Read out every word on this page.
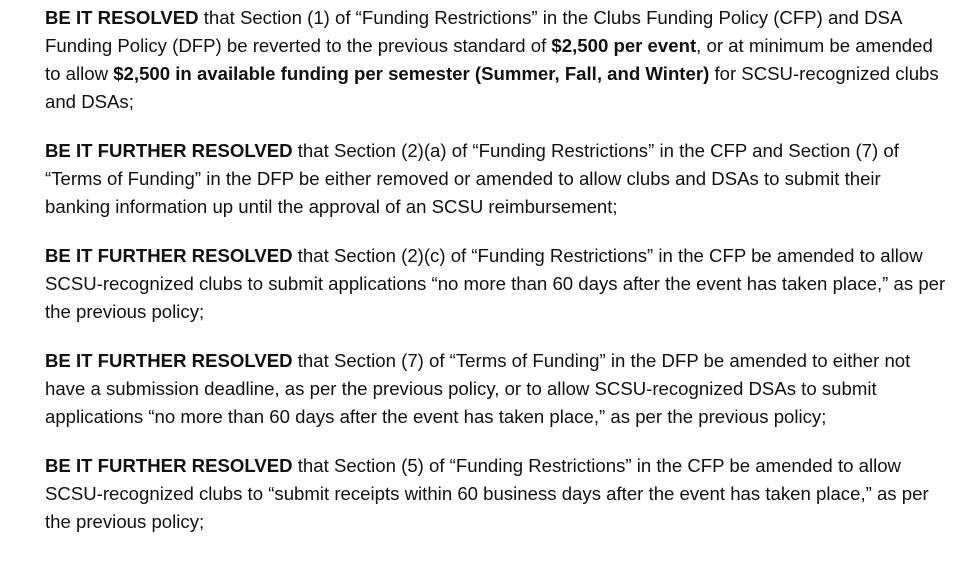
BE IT RESOLVED that Section (1) of “Funding Restrictions” in the Clubs Funding Policy (CFP) and DSA Funding Policy (DFP) be reverted to the previous standard of $2,500 per event, or at minimum be amended to allow $2,500 in available funding per semester (Summer, Fall, and Winter) for SCSU-recognized clubs and DSAs;

BE IT FURTHER RESOLVED that Section (2)(a) of “Funding Restrictions” in the CFP and Section (7) of “Terms of Funding” in the DFP be either removed or amended to allow clubs and DSAs to submit their banking information up until the approval of an SCSU reimbursement;

BE IT FURTHER RESOLVED that Section (2)(c) of “Funding Restrictions” in the CFP be amended to allow SCSU-recognized clubs to submit applications “no more than 60 days after the event has taken place,” as per the previous policy;

BE IT FURTHER RESOLVED that Section (7) of “Terms of Funding” in the DFP be amended to either not have a submission deadline, as per the previous policy, or to allow SCSU-recognized DSAs to submit applications “no more than 60 days after the event has taken place,” as per the previous policy;

BE IT FURTHER RESOLVED that Section (5) of “Funding Restrictions” in the CFP be amended to allow SCSU-recognized clubs to “submit receipts within 60 business days after the event has taken place,” as per the previous policy;
